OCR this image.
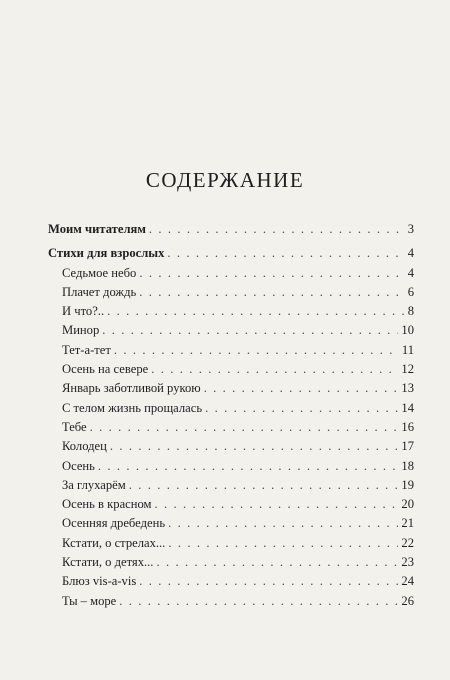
СОДЕРЖАНИЕ
Моим читателям . . .	3
Стихи для взрослых . . .	4
Седьмое небо . . .	4
Плачет дождь . . .	6
И что?.. . . .	8
Минор . . .	10
Тет-а-тет . . .	11
Осень на севере . . .	12
Январь заботливой рукою . . .	13
С телом жизнь прощалась . . .	14
Тебе . . .	16
Колодец . . .	17
Осень . . .	18
За глухарём . . .	19
Осень в красном . . .	20
Осенняя дребедень . . .	21
Кстати, о стрелах... . . .	22
Кстати, о детях... . . .	23
Блюз vis-a-vis . . .	24
Ты – море . . .	26
